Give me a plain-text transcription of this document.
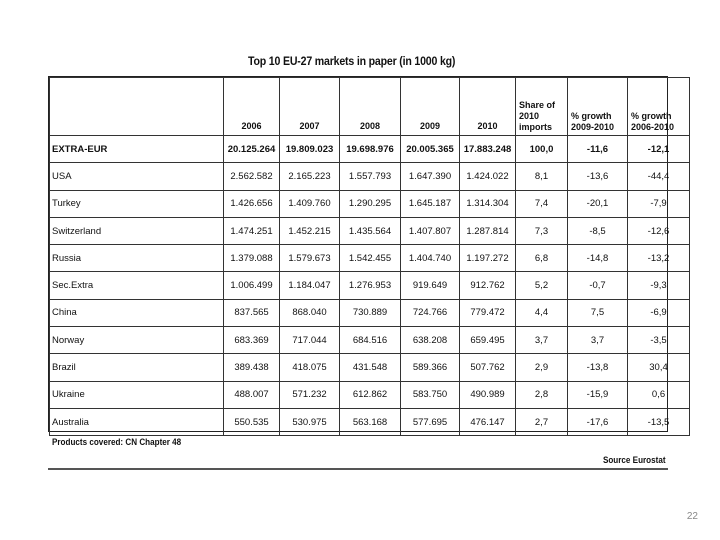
Top 10 EU-27 markets in paper (in 1000 kg)
	2006	2007	2008	2009	2010	Share of 2010 imports	% growth 2009-2010	% growth 2006-2010
EXTRA-EUR	20.125.264	19.809.023	19.698.976	20.005.365	17.883.248	100,0	-11,6	-12,1
USA	2.562.582	2.165.223	1.557.793	1.647.390	1.424.022	8,1	-13,6	-44,4
Turkey	1.426.656	1.409.760	1.290.295	1.645.187	1.314.304	7,4	-20,1	-7,9
Switzerland	1.474.251	1.452.215	1.435.564	1.407.807	1.287.814	7,3	-8,5	-12,6
Russia	1.379.088	1.579.673	1.542.455	1.404.740	1.197.272	6,8	-14,8	-13,2
Sec.Extra	1.006.499	1.184.047	1.276.953	919.649	912.762	5,2	-0,7	-9,3
China	837.565	868.040	730.889	724.766	779.472	4,4	7,5	-6,9
Norway	683.369	717.044	684.516	638.208	659.495	3,7	3,7	-3,5
Brazil	389.438	418.075	431.548	589.366	507.762	2,9	-13,8	30,4
Ukraine	488.007	571.232	612.862	583.750	490.989	2,8	-15,9	0,6
Australia	550.535	530.975	563.168	577.695	476.147	2,7	-17,6	-13,5
Products covered: CN Chapter 48
Source Eurostat
22
